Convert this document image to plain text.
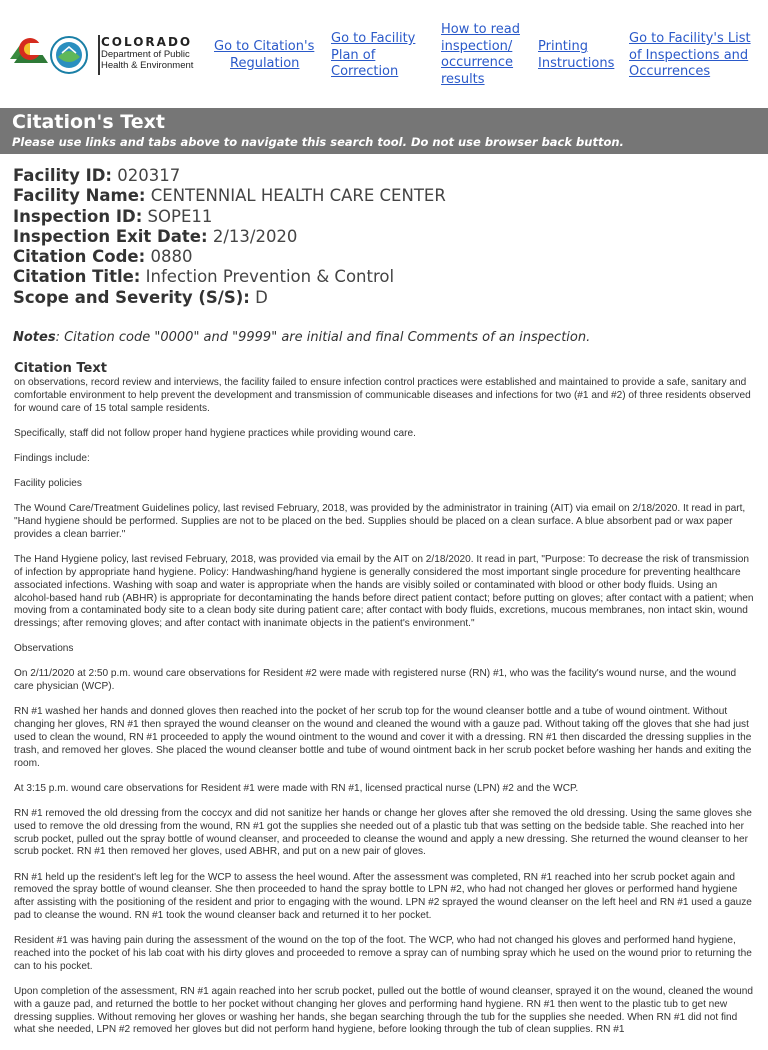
COLORADO
Department of Public
Health & Environment
Go to Citation's
Regulation
Go to Facility
Plan of
Correction
How to read
inspection/
occurrence
results
Printing
Instructions
Go to Facility's List
of Inspections and
Occurrences
Citation's Text
Please use links and tabs above to navigate this search tool. Do not use browser back button.
Facility ID: 020317
Facility Name: CENTENNIAL HEALTH CARE CENTER
Inspection ID: SOPE11
Inspection Exit Date: 2/13/2020
Citation Code: 0880
Citation Title: Infection Prevention & Control
Scope and Severity (S/S): D
Notes: Citation code "0000" and "9999" are initial and final Comments of an inspection.
Citation Text

on observations, record review and interviews, the facility failed to ensure infection control practices were established and maintained to provide a safe, sanitary and comfortable environment to help prevent the development and transmission of communicable diseases and infections for two (#1 and #2) of three residents observed for wound care of 15 total sample residents.

Specifically, staff did not follow proper hand hygiene practices while providing wound care.

Findings include:

Facility policies

The Wound Care/Treatment Guidelines policy, last revised February, 2018, was provided by the administrator in training (AIT) via email on 2/18/2020. It read in part, "Hand hygiene should be performed. Supplies are not to be placed on the bed. Supplies should be placed on a clean surface. A blue absorbent pad or wax paper provides a clean barrier."

The Hand Hygiene policy, last revised February, 2018, was provided via email by the AIT on 2/18/2020. It read in part, "Purpose: To decrease the risk of transmission of infection by appropriate hand hygiene. Policy: Handwashing/hand hygiene is generally considered the most important single procedure for preventing healthcare associated infections. Washing with soap and water is appropriate when the hands are visibly soiled or contaminated with blood or other body fluids. Using an alcohol-based hand rub (ABHR) is appropriate for decontaminating the hands before direct patient contact; before putting on gloves; after contact with a patient; when moving from a contaminated body site to a clean body site during patient care; after contact with body fluids, excretions, mucous membranes, non intact skin, wound dressings; after removing gloves; and after contact with inanimate objects in the patient's environment."

Observations

On 2/11/2020 at 2:50 p.m. wound care observations for Resident #2 were made with registered nurse (RN) #1, who was the facility's wound nurse, and the wound care physician (WCP).

RN #1 washed her hands and donned gloves then reached into the pocket of her scrub top for the wound cleanser bottle and a tube of wound ointment. Without changing her gloves, RN #1 then sprayed the wound cleanser on the wound and cleaned the wound with a gauze pad. Without taking off the gloves that she had just used to clean the wound, RN #1 proceeded to apply the wound ointment to the wound and cover it with a dressing. RN #1 then discarded the dressing supplies in the trash, and removed her gloves. She placed the wound cleanser bottle and tube of wound ointment back in her scrub pocket before washing her hands and exiting the room.

At 3:15 p.m. wound care observations for Resident #1 were made with RN #1, licensed practical nurse (LPN) #2 and the WCP.

RN #1 removed the old dressing from the coccyx and did not sanitize her hands or change her gloves after she removed the old dressing. Using the same gloves she used to remove the old dressing from the wound, RN #1 got the supplies she needed out of a plastic tub that was setting on the bedside table. She reached into her scrub pocket, pulled out the spray bottle of wound cleanser, and proceeded to cleanse the wound and apply a new dressing. She returned the wound cleanser to her scrub pocket. RN #1 then removed her gloves, used ABHR, and put on a new pair of gloves.

RN #1 held up the resident's left leg for the WCP to assess the heel wound. After the assessment was completed, RN #1 reached into her scrub pocket again and removed the spray bottle of wound cleanser. She then proceeded to hand the spray bottle to LPN #2, who had not changed her gloves or performed hand hygiene after assisting with the positioning of the resident and prior to engaging with the wound. LPN #2 sprayed the wound cleanser on the left heel and RN #1 used a gauze pad to cleanse the wound. RN #1 took the wound cleanser back and returned it to her pocket.

Resident #1 was having pain during the assessment of the wound on the top of the foot. The WCP, who had not changed his gloves and performed hand hygiene, reached into the pocket of his lab coat with his dirty gloves and proceeded to remove a spray can of numbing spray which he used on the wound prior to returning the can to his pocket.

Upon completion of the assessment, RN #1 again reached into her scrub pocket, pulled out the bottle of wound cleanser, sprayed it on the wound, cleaned the wound with a gauze pad, and returned the bottle to her pocket without changing her gloves and performing hand hygiene. RN #1 then went to the plastic tub to get new dressing supplies. Without removing her gloves or washing her hands, she began searching through the tub for the supplies she needed. When RN #1 did not find what she needed, LPN #2 removed her gloves but did not perform hand hygiene, before looking through the tub of clean supplies. RN #1
